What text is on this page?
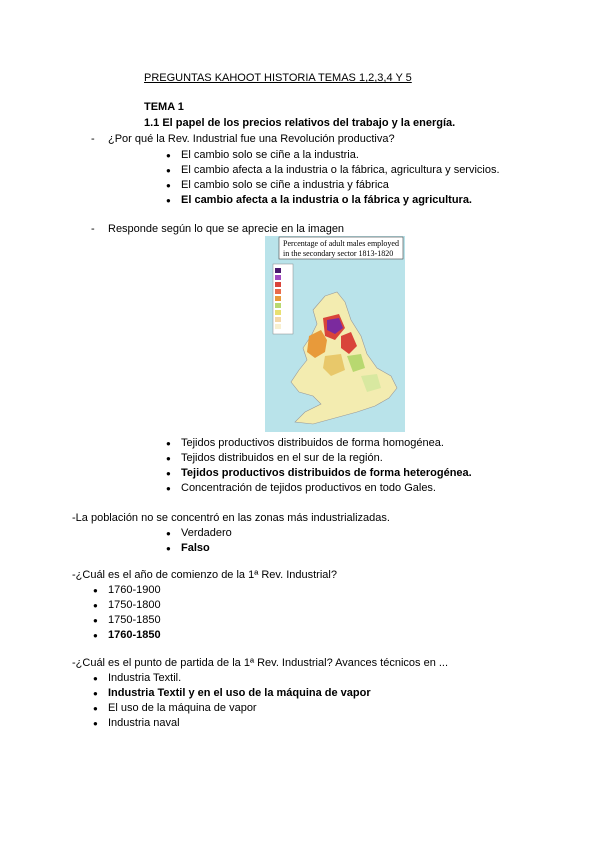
PREGUNTAS KAHOOT HISTORIA TEMAS 1,2,3,4 Y 5
TEMA 1
1.1 El papel de los precios relativos del trabajo y la energía.
- ¿Por qué la Rev. Industrial fue una Revolución productiva?
● El cambio solo se ciñe a la industria.
● El cambio afecta a la industria o la fábrica, agricultura y servicios.
● El cambio solo se ciñe a industria y fábrica
● El cambio afecta a la industria o la fábrica y agricultura.
- Responde según lo que se aprecie en la imagen
Percentage of adult males employed
in the secondary sector 1813-1820
● Tejidos productivos distribuidos de forma homogénea.
● Tejidos distribuidos en el sur de la región.
● Tejidos productivos distribuidos de forma heterogénea.
● Concentración de tejidos productivos en todo Gales.
-La población no se concentró en las zonas más industrializadas.
● Verdadero
● Falso
-¿Cuál es el año de comienzo de la 1ª Rev. Industrial?
● 1760-1900
● 1750-1800
● 1750-1850
● 1760-1850
-¿Cuál es el punto de partida de la 1ª Rev. Industrial? Avances técnicos en ...
● Industria Textil.
● Industria Textil y en el uso de la máquina de vapor
● El uso de la máquina de vapor
● Industria naval
